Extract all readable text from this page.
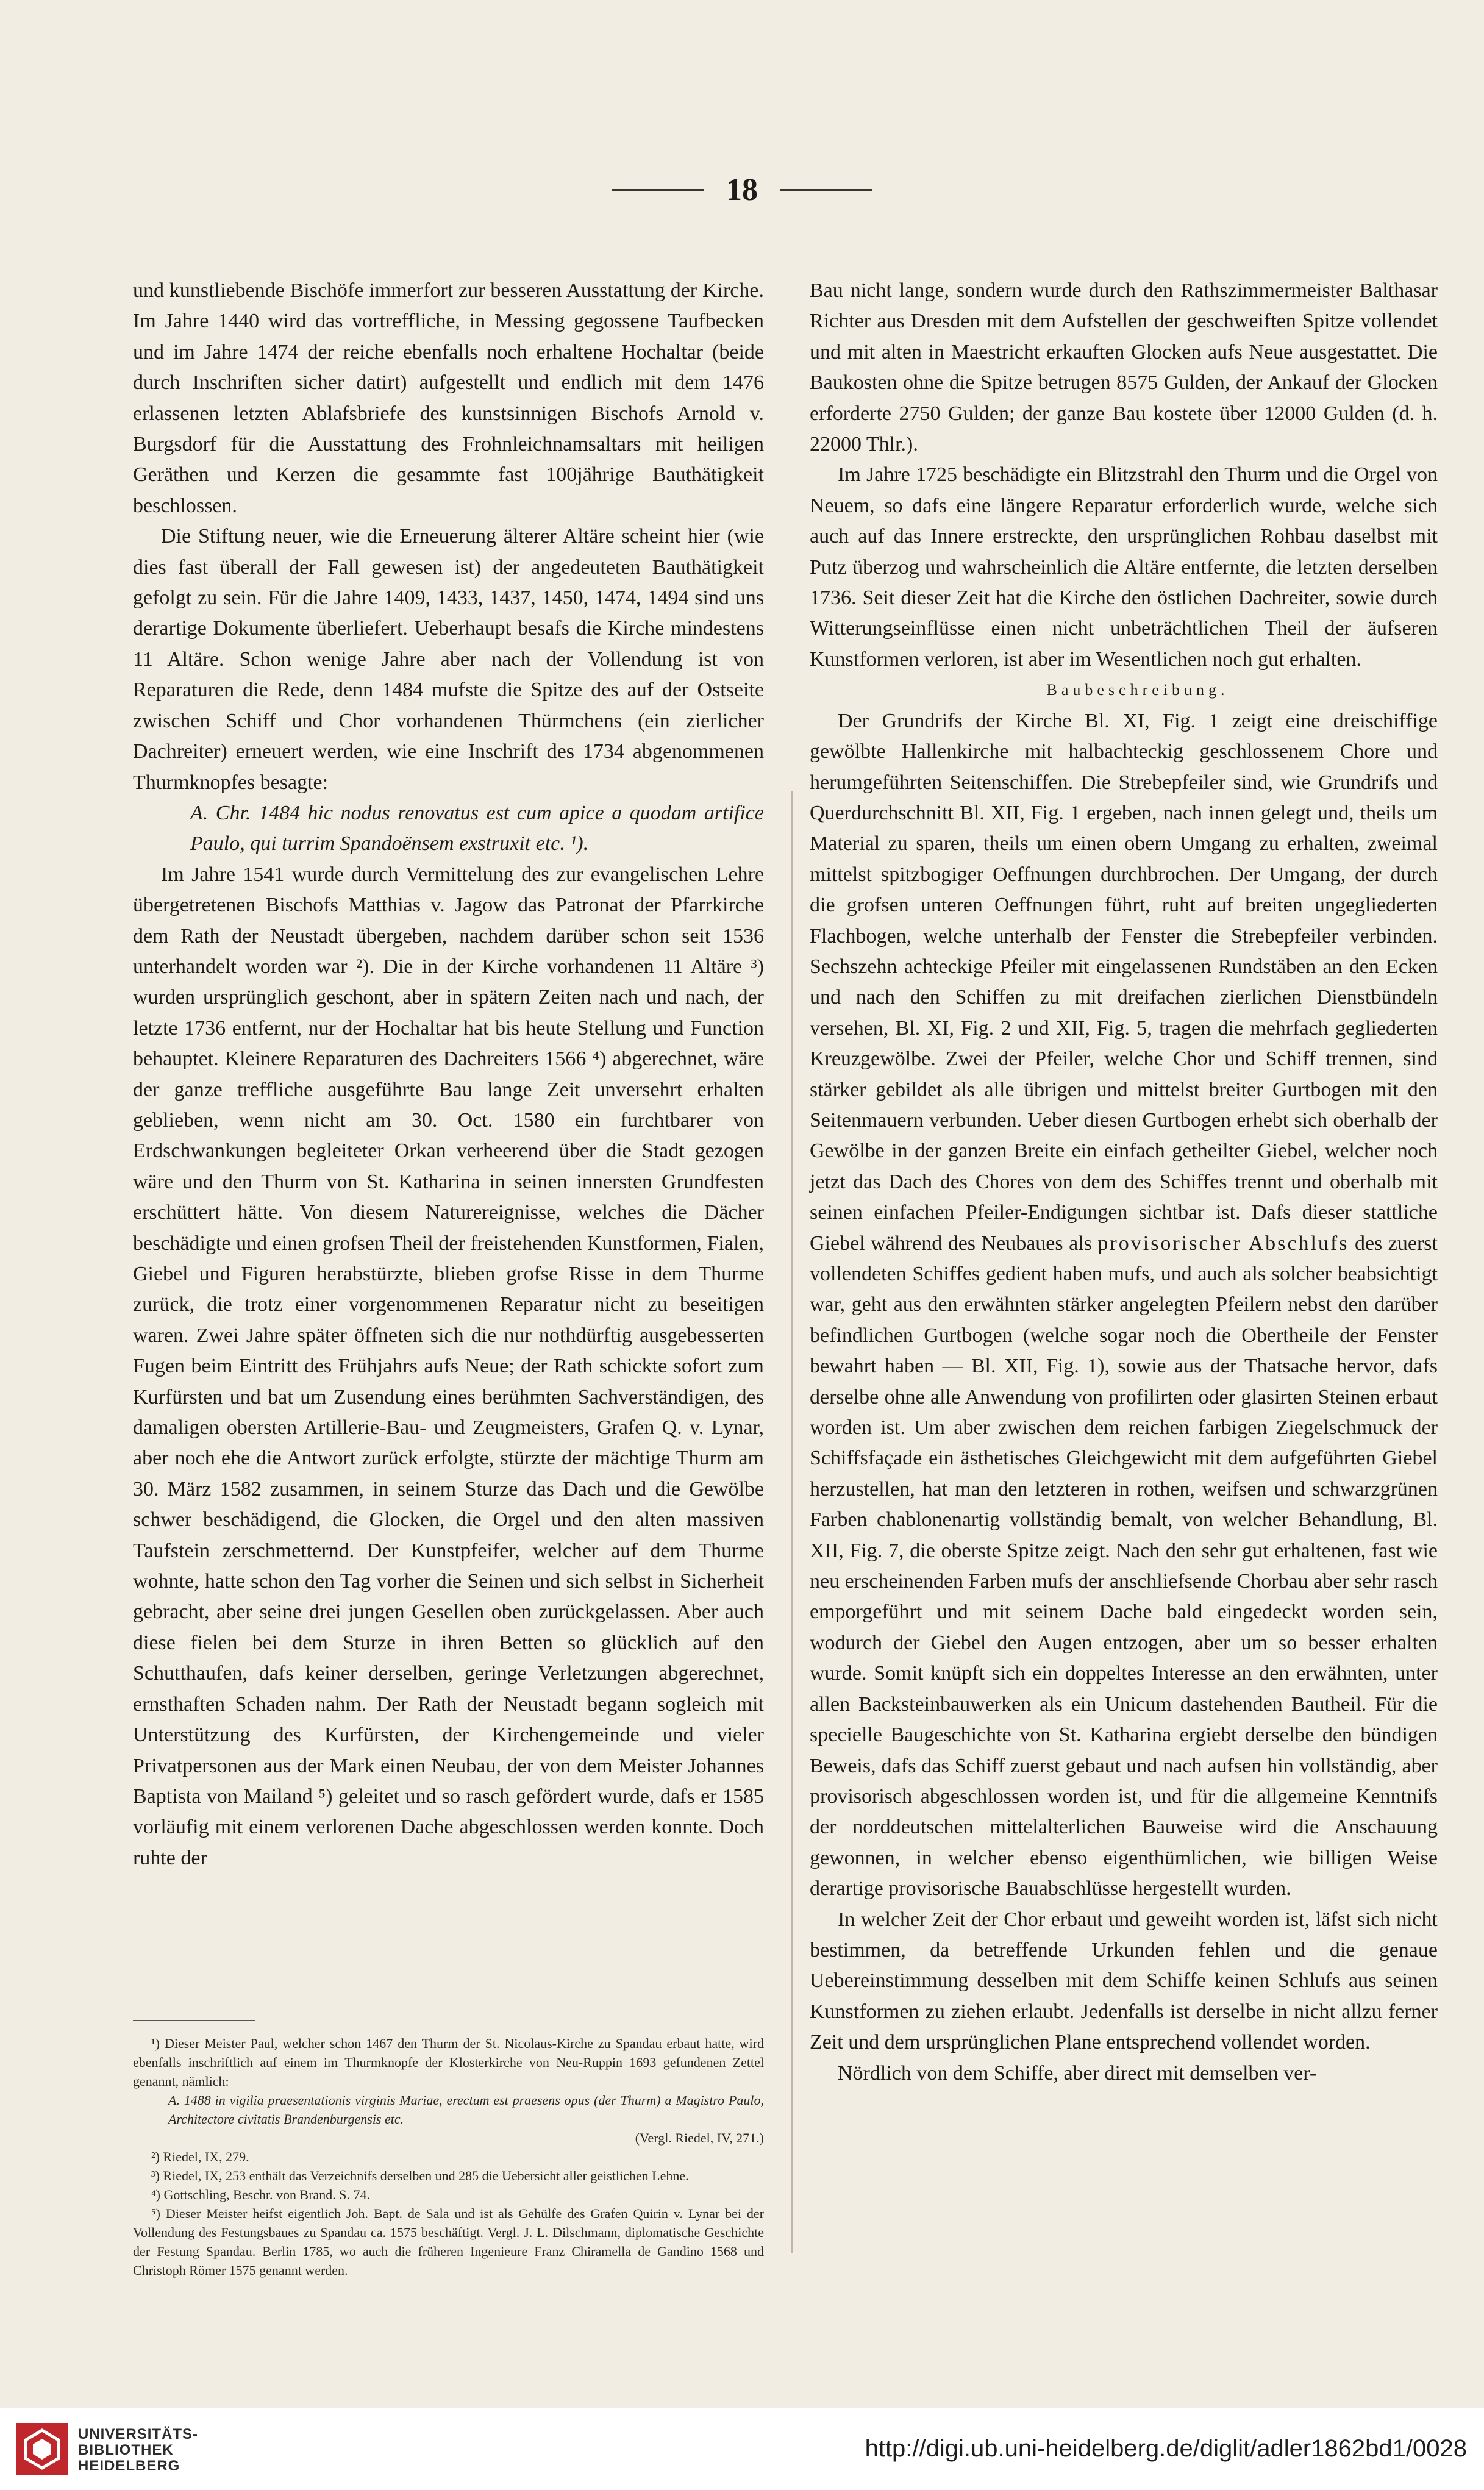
18

und kunstliebende Bischöfe immerfort zur besseren Ausstattung der Kirche. Im Jahre 1440 wird das vortreffliche, in Messing gegossene Taufbecken und im Jahre 1474 der reiche ebenfalls noch erhaltene Hochaltar (beide durch Inschriften sicher datirt) aufgestellt und endlich mit dem 1476 erlassenen letzten Ablafsbriefe des kunstsinnigen Bischofs Arnold v. Burgsdorf für die Ausstattung des Frohnleichnamsaltars mit heiligen Geräthen und Kerzen die gesammte fast 100jährige Bauthätigkeit beschlossen.

Die Stiftung neuer, wie die Erneuerung älterer Altäre scheint hier (wie dies fast überall der Fall gewesen ist) der angedeuteten Bauthätigkeit gefolgt zu sein. Für die Jahre 1409, 1433, 1437, 1450, 1474, 1494 sind uns derartige Dokumente überliefert. Ueberhaupt besafs die Kirche mindestens 11 Altäre. Schon wenige Jahre aber nach der Vollendung ist von Reparaturen die Rede, denn 1484 mufste die Spitze des auf der Ostseite zwischen Schiff und Chor vorhandenen Thürmchens (ein zierlicher Dachreiter) erneuert werden, wie eine Inschrift des 1734 abgenommenen Thurmknopfes besagte:

A. Chr. 1484 hic nodus renovatus est cum apice a quodam artifice Paulo, qui turrim Spandoënsem exstruxit etc. ¹).

Im Jahre 1541 wurde durch Vermittelung des zur evangelischen Lehre übergetretenen Bischofs Matthias v. Jagow das Patronat der Pfarrkirche dem Rath der Neustadt übergeben, nachdem darüber schon seit 1536 unterhandelt worden war ²). Die in der Kirche vorhandenen 11 Altäre ³) wurden ursprünglich geschont, aber in spätern Zeiten nach und nach, der letzte 1736 entfernt, nur der Hochaltar hat bis heute Stellung und Function behauptet. Kleinere Reparaturen des Dachreiters 1566 ⁴) abgerechnet, wäre der ganze treffliche ausgeführte Bau lange Zeit unversehrt erhalten geblieben, wenn nicht am 30. Oct. 1580 ein furchtbarer von Erdschwankungen begleiteter Orkan verheerend über die Stadt gezogen wäre und den Thurm von St. Katharina in seinen innersten Grundfesten erschüttert hätte. Von diesem Naturereignisse, welches die Dächer beschädigte und einen grofsen Theil der freistehenden Kunstformen, Fialen, Giebel und Figuren herabstürzte, blieben grofse Risse in dem Thurme zurück, die trotz einer vorgenommenen Reparatur nicht zu beseitigen waren. Zwei Jahre später öffneten sich die nur nothdürftig ausgebesserten Fugen beim Eintritt des Frühjahrs aufs Neue; der Rath schickte sofort zum Kurfürsten und bat um Zusendung eines berühmten Sachverständigen, des damaligen obersten Artillerie-Bau- und Zeugmeisters, Grafen Q. v. Lynar, aber noch ehe die Antwort zurück erfolgte, stürzte der mächtige Thurm am 30. März 1582 zusammen, in seinem Sturze das Dach und die Gewölbe schwer beschädigend, die Glocken, die Orgel und den alten massiven Taufstein zerschmetternd. Der Kunstpfeifer, welcher auf dem Thurme wohnte, hatte schon den Tag vorher die Seinen und sich selbst in Sicherheit gebracht, aber seine drei jungen Gesellen oben zurückgelassen. Aber auch diese fielen bei dem Sturze in ihren Betten so glücklich auf den Schutthaufen, dafs keiner derselben, geringe Verletzungen abgerechnet, ernsthaften Schaden nahm. Der Rath der Neustadt begann sogleich mit Unterstützung des Kurfürsten, der Kirchengemeinde und vieler Privatpersonen aus der Mark einen Neubau, der von dem Meister Johannes Baptista von Mailand ⁵) geleitet und so rasch gefördert wurde, dafs er 1585 vorläufig mit einem verlorenen Dache abgeschlossen werden konnte. Doch ruhte der

¹) Dieser Meister Paul, welcher schon 1467 den Thurm der St. Nicolaus-Kirche zu Spandau erbaut hatte, wird ebenfalls inschriftlich auf einem im Thurmknopfe der Klosterkirche von Neu-Ruppin 1693 gefundenen Zettel genannt, nämlich:

A. 1488 in vigilia praesentationis virginis Mariae, erectum est praesens opus (der Thurm) a Magistro Paulo, Architectore civitatis Brandenburgensis etc.

(Vergl. Riedel, IV, 271.)

²) Riedel, IX, 279.

³) Riedel, IX, 253 enthält das Verzeichnifs derselben und 285 die Uebersicht aller geistlichen Lehne.

⁴) Gottschling, Beschr. von Brand. S. 74.

⁵) Dieser Meister heifst eigentlich Joh. Bapt. de Sala und ist als Gehülfe des Grafen Quirin v. Lynar bei der Vollendung des Festungsbaues zu Spandau ca. 1575 beschäftigt. Vergl. J. L. Dilschmann, diplomatische Geschichte der Festung Spandau. Berlin 1785, wo auch die früheren Ingenieure Franz Chiramella de Gandino 1568 und Christoph Römer 1575 genannt werden.

Bau nicht lange, sondern wurde durch den Rathszimmermeister Balthasar Richter aus Dresden mit dem Aufstellen der geschweiften Spitze vollendet und mit alten in Maestricht erkauften Glocken aufs Neue ausgestattet. Die Baukosten ohne die Spitze betrugen 8575 Gulden, der Ankauf der Glocken erforderte 2750 Gulden; der ganze Bau kostete über 12000 Gulden (d. h. 22000 Thlr.).

Im Jahre 1725 beschädigte ein Blitzstrahl den Thurm und die Orgel von Neuem, so dafs eine längere Reparatur erforderlich wurde, welche sich auch auf das Innere erstreckte, den ursprünglichen Rohbau daselbst mit Putz überzog und wahrscheinlich die Altäre entfernte, die letzten derselben 1736. Seit dieser Zeit hat die Kirche den östlichen Dachreiter, sowie durch Witterungseinflüsse einen nicht unbeträchtlichen Theil der äufseren Kunstformen verloren, ist aber im Wesentlichen noch gut erhalten.

Baubeschreibung.

Der Grundrifs der Kirche Bl. XI, Fig. 1 zeigt eine dreischiffige gewölbte Hallenkirche mit halbachteckig geschlossenem Chore und herumgeführten Seitenschiffen. Die Strebepfeiler sind, wie Grundrifs und Querdurchschnitt Bl. XII, Fig. 1 ergeben, nach innen gelegt und, theils um Material zu sparen, theils um einen obern Umgang zu erhalten, zweimal mittelst spitzbogiger Oeffnungen durchbrochen. Der Umgang, der durch die grofsen unteren Oeffnungen führt, ruht auf breiten ungegliederten Flachbogen, welche unterhalb der Fenster die Strebepfeiler verbinden. Sechszehn achteckige Pfeiler mit eingelassenen Rundstäben an den Ecken und nach den Schiffen zu mit dreifachen zierlichen Dienstbündeln versehen, Bl. XI, Fig. 2 und XII, Fig. 5, tragen die mehrfach gegliederten Kreuzgewölbe. Zwei der Pfeiler, welche Chor und Schiff trennen, sind stärker gebildet als alle übrigen und mittelst breiter Gurtbogen mit den Seitenmauern verbunden. Ueber diesen Gurtbogen erhebt sich oberhalb der Gewölbe in der ganzen Breite ein einfach getheilter Giebel, welcher noch jetzt das Dach des Chores von dem des Schiffes trennt und oberhalb mit seinen einfachen Pfeiler-Endigungen sichtbar ist. Dafs dieser stattliche Giebel während des Neubaues als provisorischer Abschlufs des zuerst vollendeten Schiffes gedient haben mufs, und auch als solcher beabsichtigt war, geht aus den erwähnten stärker angelegten Pfeilern nebst den darüber befindlichen Gurtbogen (welche sogar noch die Obertheile der Fenster bewahrt haben — Bl. XII, Fig. 1), sowie aus der Thatsache hervor, dafs derselbe ohne alle Anwendung von profilirten oder glasirten Steinen erbaut worden ist. Um aber zwischen dem reichen farbigen Ziegelschmuck der Schiffsfaçade ein ästhetisches Gleichgewicht mit dem aufgeführten Giebel herzustellen, hat man den letzteren in rothen, weifsen und schwarzgrünen Farben chablonenartig vollständig bemalt, von welcher Behandlung, Bl. XII, Fig. 7, die oberste Spitze zeigt. Nach den sehr gut erhaltenen, fast wie neu erscheinenden Farben mufs der anschliefsende Chorbau aber sehr rasch emporgeführt und mit seinem Dache bald eingedeckt worden sein, wodurch der Giebel den Augen entzogen, aber um so besser erhalten wurde. Somit knüpft sich ein doppeltes Interesse an den erwähnten, unter allen Backsteinbauwerken als ein Unicum dastehenden Bautheil. Für die specielle Baugeschichte von St. Katharina ergiebt derselbe den bündigen Beweis, dafs das Schiff zuerst gebaut und nach aufsen hin vollständig, aber provisorisch abgeschlossen worden ist, und für die allgemeine Kenntnifs der norddeutschen mittelalterlichen Bauweise wird die Anschauung gewonnen, in welcher ebenso eigenthümlichen, wie billigen Weise derartige provisorische Bauabschlüsse hergestellt wurden.

In welcher Zeit der Chor erbaut und geweiht worden ist, läfst sich nicht bestimmen, da betreffende Urkunden fehlen und die genaue Uebereinstimmung desselben mit dem Schiffe keinen Schlufs aus seinen Kunstformen zu ziehen erlaubt. Jedenfalls ist derselbe in nicht allzu ferner Zeit und dem ursprünglichen Plane entsprechend vollendet worden.

Nördlich von dem Schiffe, aber direct mit demselben ver-

UNIVERSITÄTS-
BIBLIOTHEK
HEIDELBERG
http://digi.ub.uni-heidelberg.de/diglit/adler1862bd1/0028
